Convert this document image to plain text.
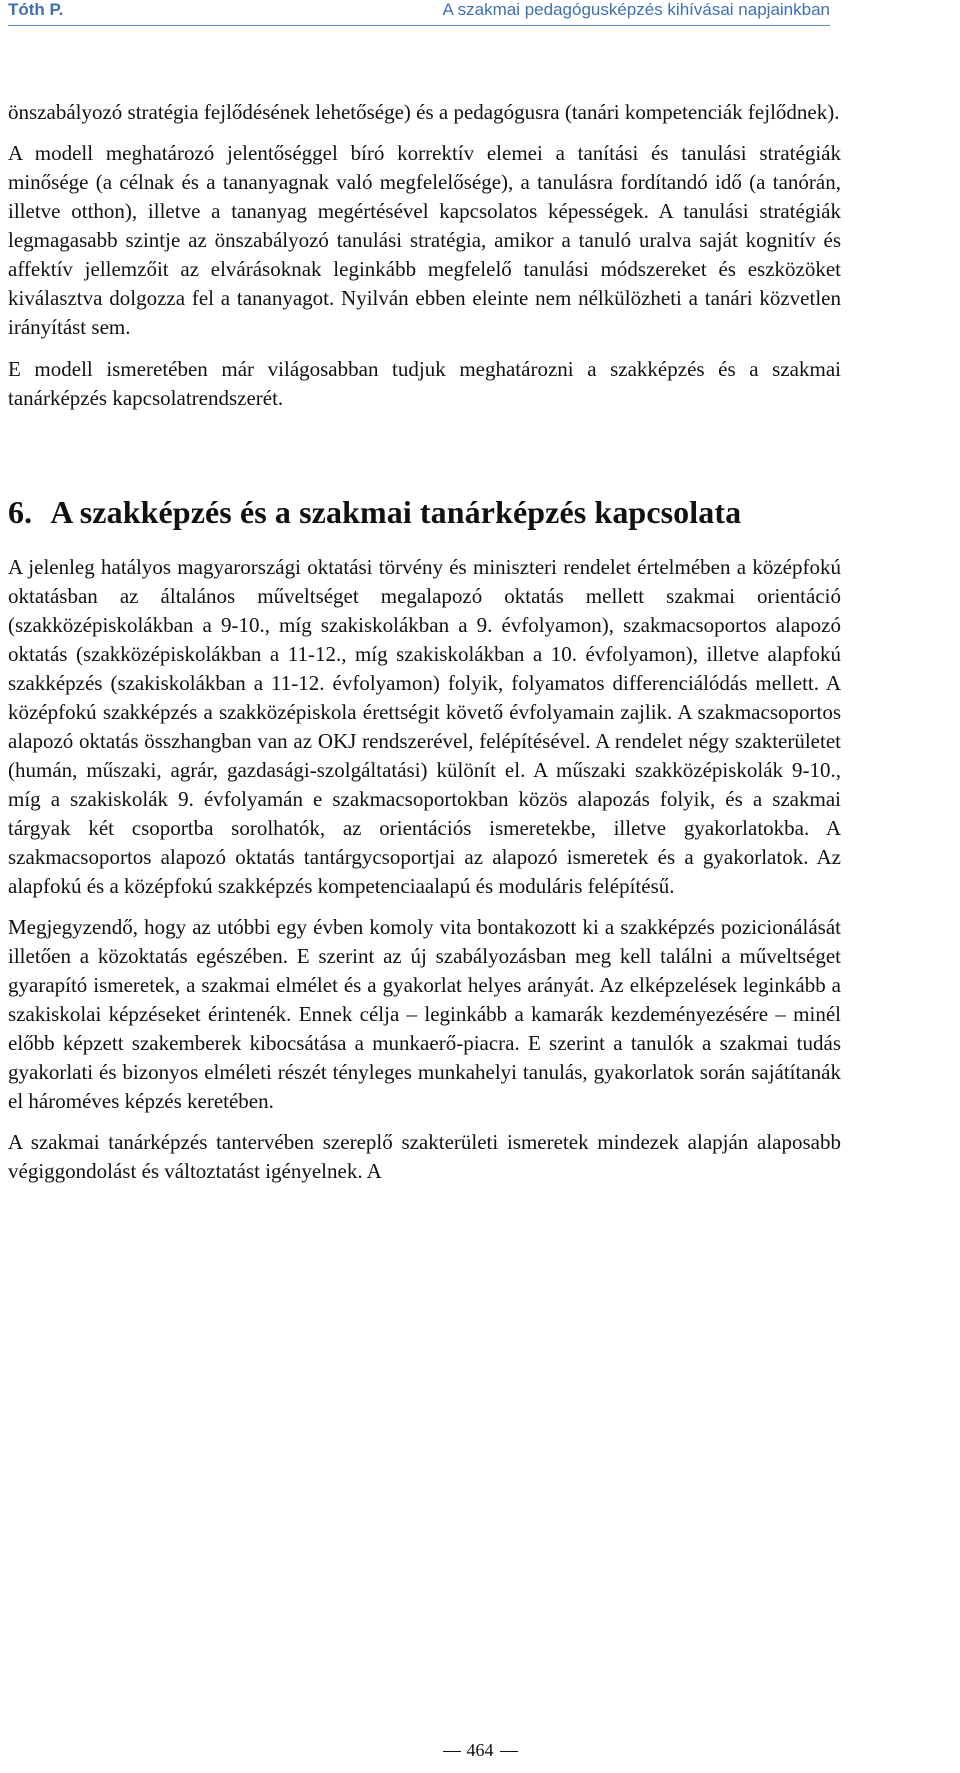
Tóth P.	A szakmai pedagógusképzés kihívásai napjainkban

önszabályozó stratégia fejlődésének lehetősége) és a pedagógusra (tanári kompetenciák fejlődnek).

A modell meghatározó jelentőséggel bíró korrektív elemei a tanítási és tanulási stratégiák minősége (a célnak és a tananyagnak való megfelelősége), a tanulásra fordítandó idő (a tanórán, illetve otthon), illetve a tananyag megértésével kapcsolatos képességek. A tanulási stratégiák legmagasabb szintje az önszabályozó tanulási stratégia, amikor a tanuló uralva saját kognitív és affektív jellemzőit az elvárásoknak leginkább megfelelő tanulási módszereket és eszközöket kiválasztva dolgozza fel a tananyagot. Nyilván ebben eleinte nem nélkülözheti a tanári közvetlen irányítást sem.

E modell ismeretében már világosabban tudjuk meghatározni a szakképzés és a szakmai tanárképzés kapcsolatrendszerét.

6. A szakképzés és a szakmai tanárképzés kapcsolata

A jelenleg hatályos magyarországi oktatási törvény és miniszteri rendelet értelmében a középfokú oktatásban az általános műveltséget megalapozó oktatás mellett szakmai orientáció (szakközépiskolákban a 9-10., míg szakiskolákban a 9. évfolyamon), szakmacsoportos alapozó oktatás (szakközépiskolákban a 11-12., míg szakiskolákban a 10. évfolyamon), illetve alapfokú szakképzés (szakiskolákban a 11-12. évfolyamon) folyik, folyamatos differenciálódás mellett. A középfokú szakképzés a szakközépiskola érettségit követő évfolyamain zajlik. A szakmacsoportos alapozó oktatás összhangban van az OKJ rendszerével, felépítésével. A rendelet négy szakterületet (humán, műszaki, agrár, gazdasági-szolgáltatási) különít el. A műszaki szakközépiskolák 9-10., míg a szakiskolák 9. évfolyamán e szakmacsoportokban közös alapozás folyik, és a szakmai tárgyak két csoportba sorolhatók, az orientációs ismeretekbe, illetve gyakorlatokba. A szakmacsoportos alapozó oktatás tantárgycsoportjai az alapozó ismeretek és a gyakorlatok. Az alapfokú és a középfokú szakképzés kompetenciaalapú és moduláris felépítésű.

Megjegyzendő, hogy az utóbbi egy évben komoly vita bontakozott ki a szakképzés pozicionálását illetően a közoktatás egészében. E szerint az új szabályozásban meg kell találni a műveltséget gyarapító ismeretek, a szakmai elmélet és a gyakorlat helyes arányát. Az elképzelések leginkább a szakiskolai képzéseket érintenék. Ennek célja – leginkább a kamarák kezdeményezésére – minél előbb képzett szakemberek kibocsátása a munkaerő-piacra. E szerint a tanulók a szakmai tudás gyakorlati és bizonyos elméleti részét tényleges munkahelyi tanulás, gyakorlatok során sajátítanák el hároméves képzés keretében.

A szakmai tanárképzés tantervében szereplő szakterületi ismeretek mindezek alapján alaposabb végiggondolást és változtatást igényelnek. A

464
